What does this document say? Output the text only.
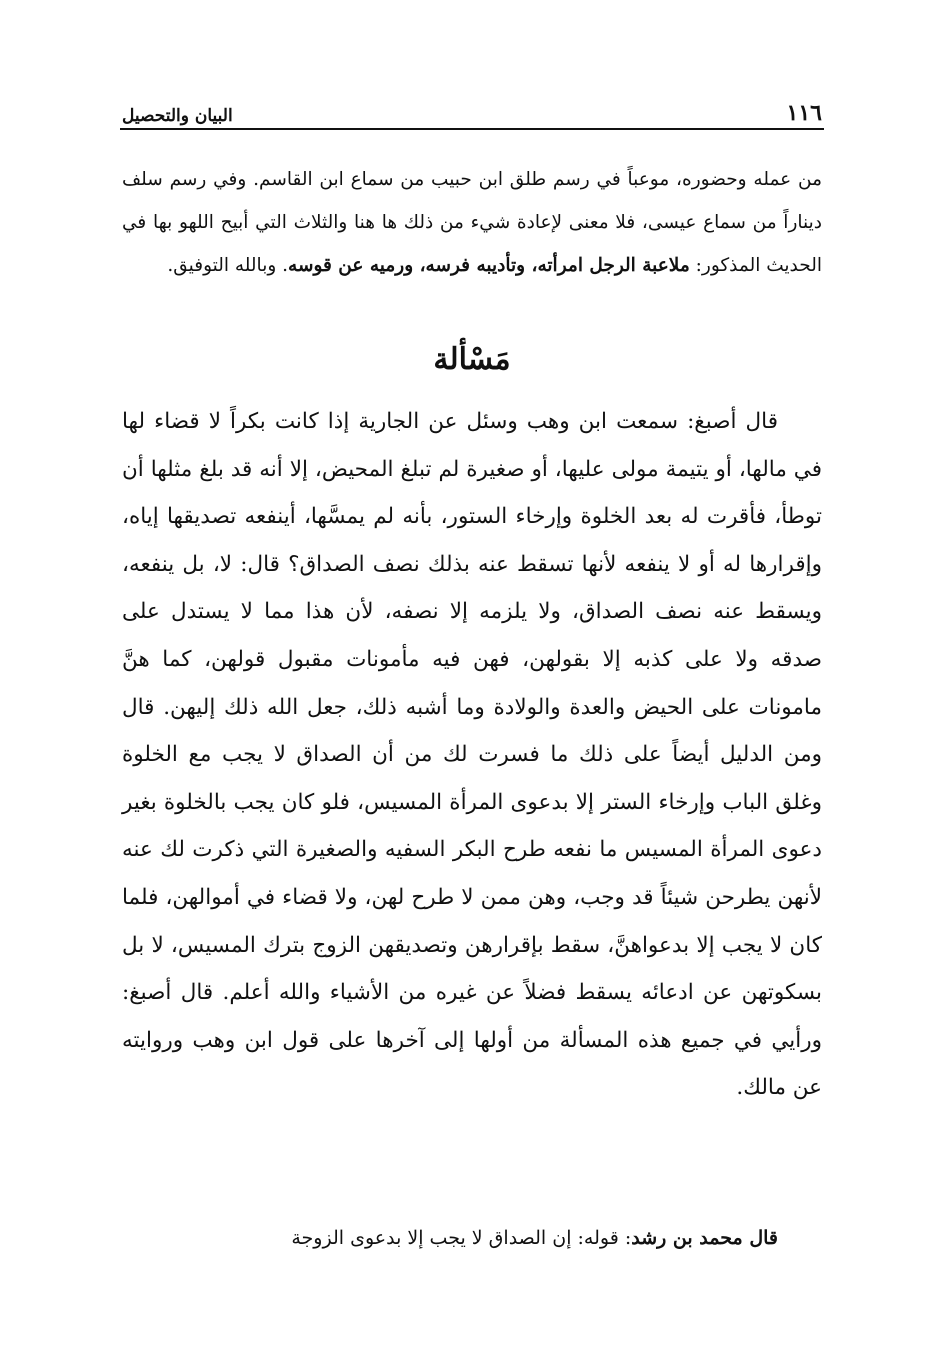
١١٦
البيان والتحصيل

من عمله وحضوره، موعباً في رسم طلق ابن حبيب من سماع ابن القاسم. وفي رسم سلف ديناراً من سماع عيسى، فلا معنى لإعادة شيء من ذلك ها هنا والثلاث التي أبيح اللهو بها في الحديث المذكور: ملاعبة الرجل امرأته، وتأديبه فرسه، ورميه عن قوسه. وبالله التوفيق.

مَسْألة

قال أصبغ: سمعت ابن وهب وسئل عن الجارية إذا كانت بكراً لا قضاء لها في مالها، أو يتيمة مولى عليها، أو صغيرة لم تبلغ المحيض، إلا أنه قد بلغ مثلها أن توطأ، فأقرت له بعد الخلوة وإرخاء الستور، بأنه لم يمسَّها، أينفعه تصديقها إياه، وإقرارها له أو لا ينفعه لأنها تسقط عنه بذلك نصف الصداق؟ قال: لا، بل ينفعه، ويسقط عنه نصف الصداق، ولا يلزمه إلا نصفه، لأن هذا مما لا يستدل على صدقه ولا على كذبه إلا بقولهن، فهن فيه مأمونات مقبول قولهن، كما هنَّ مامونات على الحيض والعدة والولادة وما أشبه ذلك، جعل الله ذلك إليهن. قال ومن الدليل أيضاً على ذلك ما فسرت لك من أن الصداق لا يجب مع الخلوة وغلق الباب وإرخاء الستر إلا بدعوى المرأة المسيس، فلو كان يجب بالخلوة بغير دعوى المرأة المسيس ما نفعه طرح البكر السفيه والصغيرة التي ذكرت لك عنه لأنهن يطرحن شيئاً قد وجب، وهن ممن لا طرح لهن، ولا قضاء في أموالهن، فلما كان لا يجب إلا بدعواهنَّ، سقط بإقرارهن وتصديقهن الزوج بترك المسيس، لا بل بسكوتهن عن ادعائه يسقط فضلاً عن غيره من الأشياء والله أعلم. قال أصبغ: ورأيي في جميع هذه المسألة من أولها إلى آخرها على قول ابن وهب وروايته عن مالك.

قال محمد بن رشد: قوله: إن الصداق لا يجب إلا بدعوى الزوجة
